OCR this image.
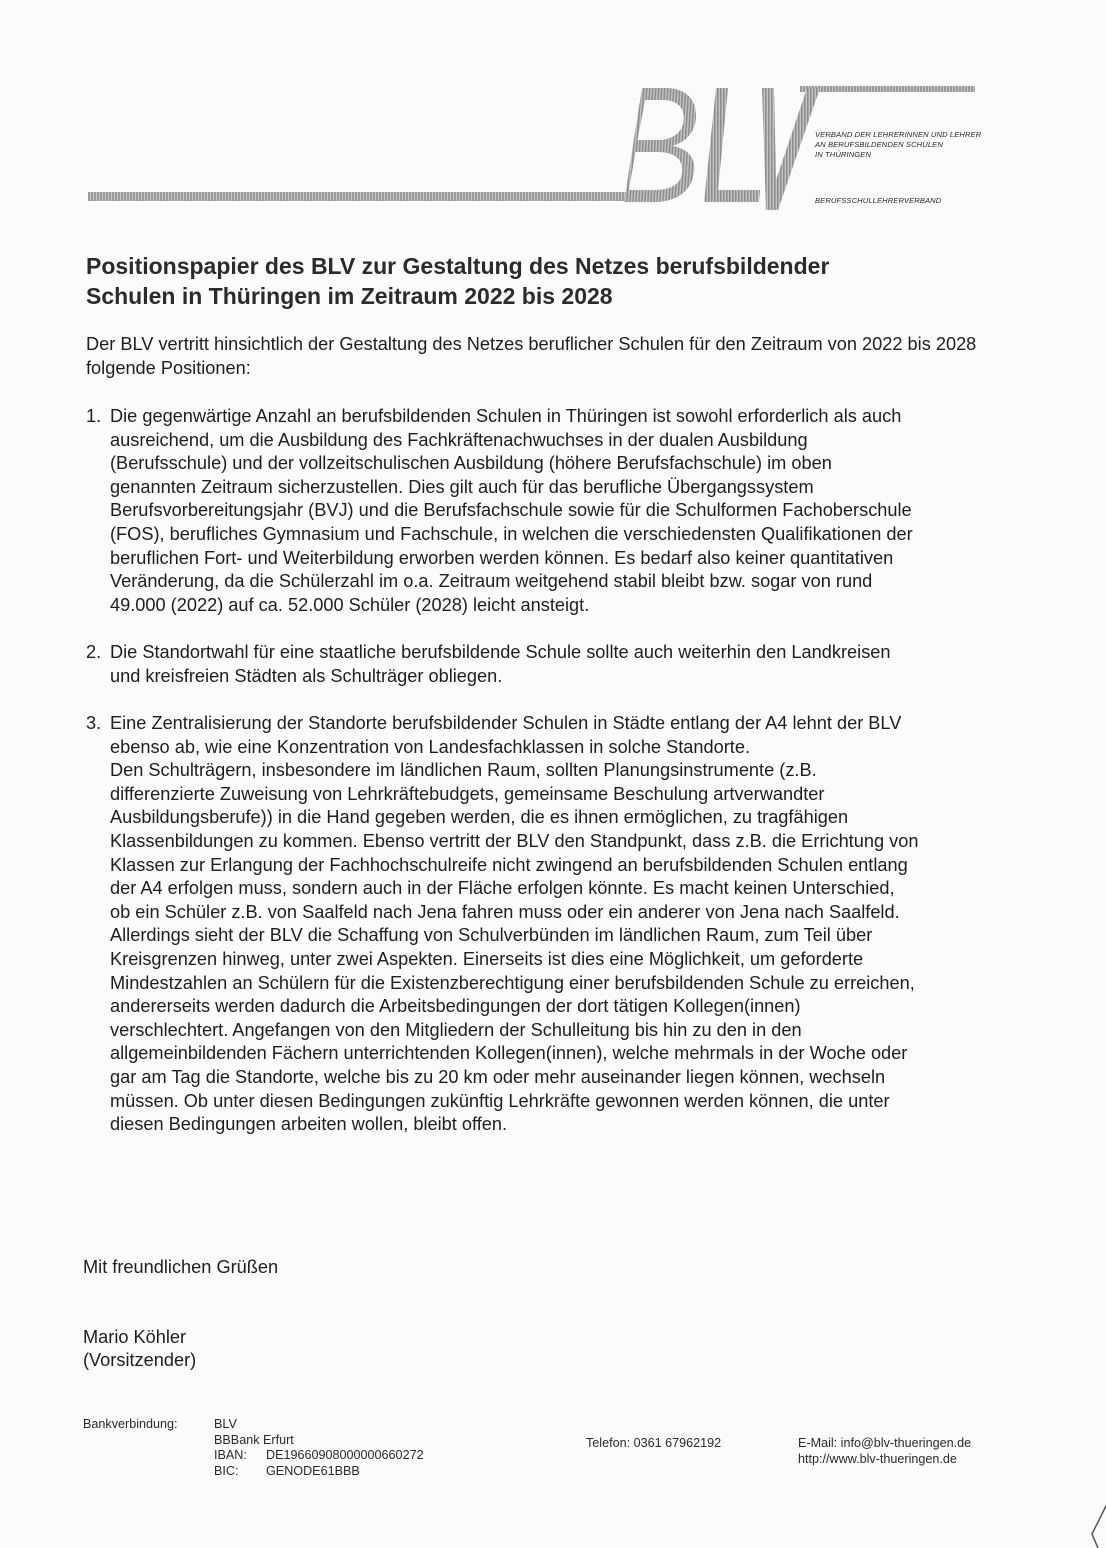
VERBAND DER LEHRERINNEN UND LEHRER
AN BERUFSBILDENDEN SCHULEN
IN THÜRINGEN
BERUFSSCHULLEHRERVERBAND
Positionspapier des BLV zur Gestaltung des Netzes berufsbildender
Schulen in Thüringen im Zeitraum 2022 bis 2028
Der BLV vertritt hinsichtlich der Gestaltung des Netzes beruflicher Schulen für den Zeitraum von 2022 bis 2028 folgende Positionen:
1. Die gegenwärtige Anzahl an berufsbildenden Schulen in Thüringen ist sowohl erforderlich als auch
ausreichend, um die Ausbildung des Fachkräftenachwuchses in der dualen Ausbildung
(Berufsschule) und der vollzeitschulischen Ausbildung (höhere Berufsfachschule) im oben
genannten Zeitraum sicherzustellen. Dies gilt auch für das berufliche Übergangssystem
Berufsvorbereitungsjahr (BVJ) und die Berufsfachschule sowie für die Schulformen Fachoberschule
(FOS), berufliches Gymnasium und Fachschule, in welchen die verschiedensten Qualifikationen der
beruflichen Fort- und Weiterbildung erworben werden können. Es bedarf also keiner quantitativen
Veränderung, da die Schülerzahl im o.a. Zeitraum weitgehend stabil bleibt bzw. sogar von rund
49.000 (2022) auf ca. 52.000 Schüler (2028) leicht ansteigt.
2. Die Standortwahl für eine staatliche berufsbildende Schule sollte auch weiterhin den Landkreisen
und kreisfreien Städten als Schulträger obliegen.
3. Eine Zentralisierung der Standorte berufsbildender Schulen in Städte entlang der A4 lehnt der BLV
ebenso ab, wie eine Konzentration von Landesfachklassen in solche Standorte.
Den Schulträgern, insbesondere im ländlichen Raum, sollten Planungsinstrumente (z.B.
differenzierte Zuweisung von Lehrkräftebudgets, gemeinsame Beschulung artverwandter
Ausbildungsberufe)) in die Hand gegeben werden, die es ihnen ermöglichen, zu tragfähigen
Klassenbildungen zu kommen. Ebenso vertritt der BLV den Standpunkt, dass z.B. die Errichtung von
Klassen zur Erlangung der Fachhochschulreife nicht zwingend an berufsbildenden Schulen entlang
der A4 erfolgen muss, sondern auch in der Fläche erfolgen könnte. Es macht keinen Unterschied,
ob ein Schüler z.B. von Saalfeld nach Jena fahren muss oder ein anderer von Jena nach Saalfeld.
Allerdings sieht der BLV die Schaffung von Schulverbünden im ländlichen Raum, zum Teil über
Kreisgrenzen hinweg, unter zwei Aspekten. Einerseits ist dies eine Möglichkeit, um geforderte
Mindestzahlen an Schülern für die Existenzberechtigung einer berufsbildenden Schule zu erreichen,
andererseits werden dadurch die Arbeitsbedingungen der dort tätigen Kollegen(innen)
verschlechtert. Angefangen von den Mitgliedern der Schulleitung bis hin zu den in den
allgemeinbildenden Fächern unterrichtenden Kollegen(innen), welche mehrmals in der Woche oder
gar am Tag die Standorte, welche bis zu 20 km oder mehr auseinander liegen können, wechseln
müssen. Ob unter diesen Bedingungen zukünftig Lehrkräfte gewonnen werden können, die unter
diesen Bedingungen arbeiten wollen, bleibt offen.
Mit freundlichen Grüßen
Mario Köhler
(Vorsitzender)
Bankverbindung:	BLV
BBBank Erfurt
IBAN: DE19660908000000660272
BIC: GENODE61BBB
Telefon: 0361 67962192	E-Mail: info@blv-thueringen.de
http://www.blv-thueringen.de
